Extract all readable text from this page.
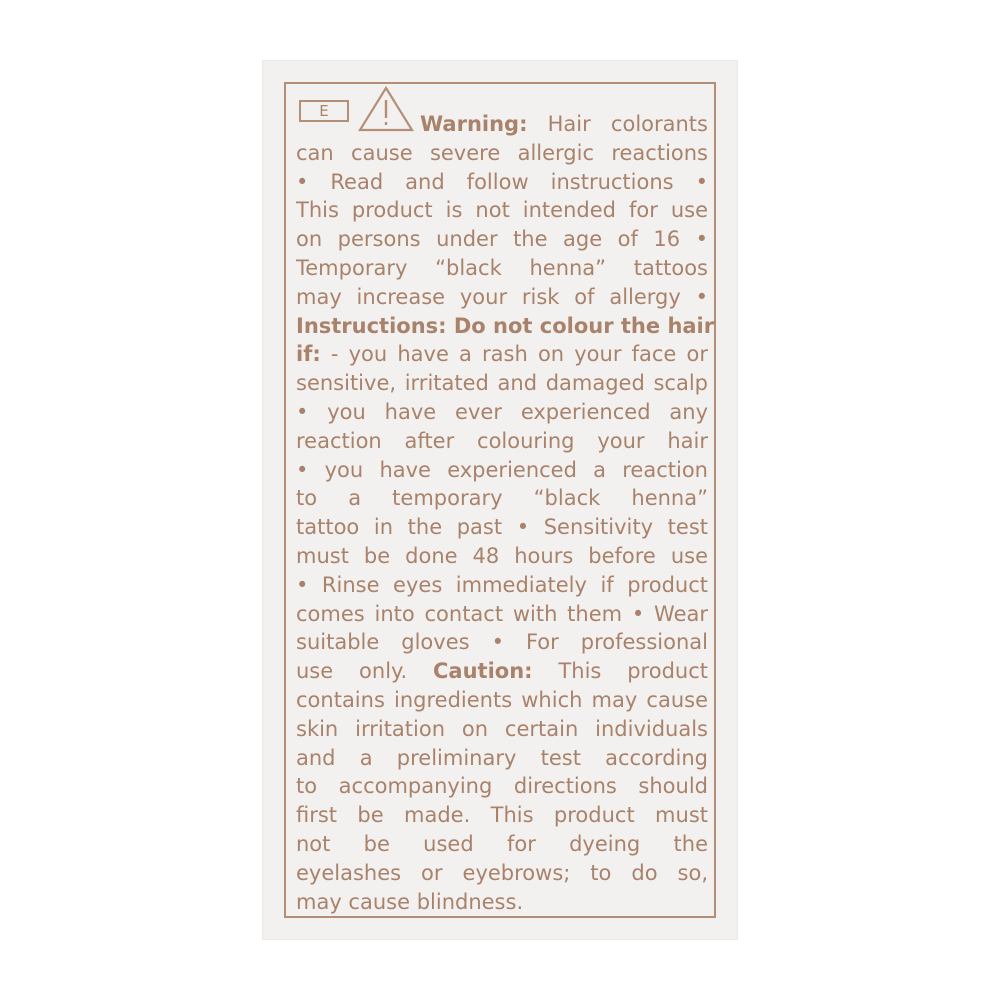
E
Warning: Hair colorants
can cause severe allergic reactions
• Read and follow instructions •
This product is not intended for use
on persons under the age of 16 •
Temporary “black henna” tattoos
may increase your risk of allergy •
Instructions: Do not colour the hair
if: - you have a rash on your face or
sensitive, irritated and damaged scalp
• you have ever experienced any
reaction after colouring your hair
• you have experienced a reaction
to a temporary “black henna”
tattoo in the past • Sensitivity test
must be done 48 hours before use
• Rinse eyes immediately if product
comes into contact with them • Wear
suitable gloves • For professional
use only. Caution: This product
contains ingredients which may cause
skin irritation on certain individuals
and a preliminary test according
to accompanying directions should
first be made. This product must
not be used for dyeing the
eyelashes or eyebrows; to do so,
may cause blindness.
